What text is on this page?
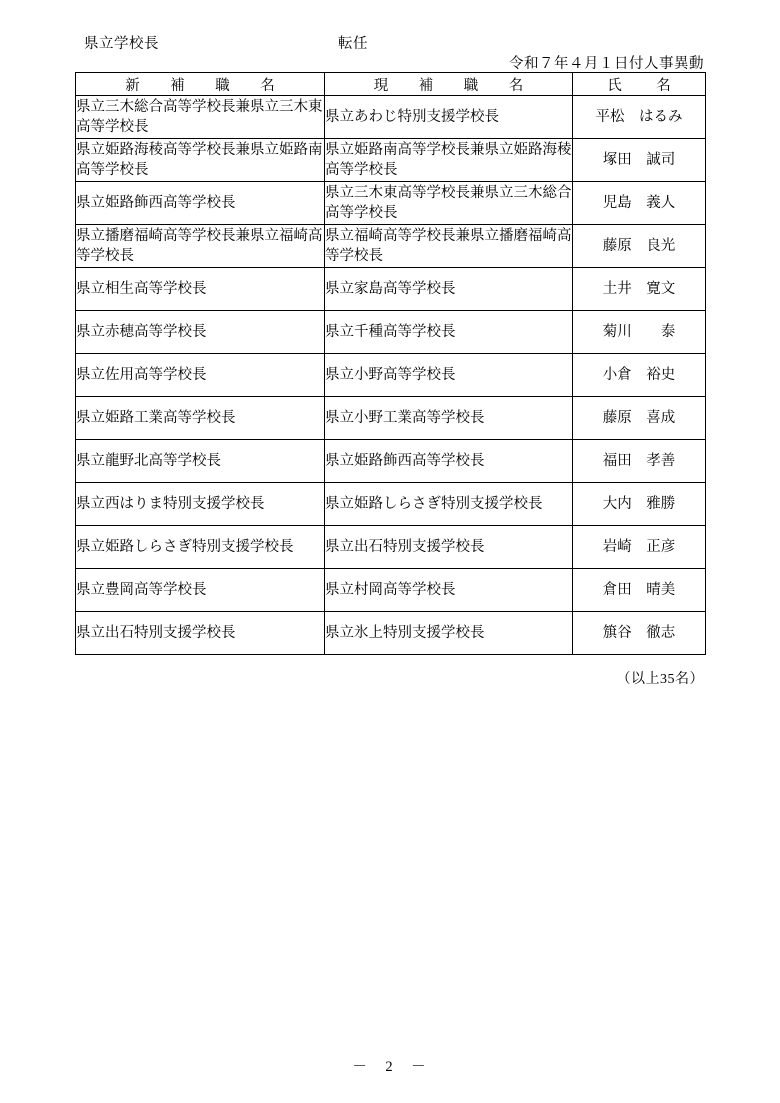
県立学校長	転任
令和７年４月１日付人事異動
新　補　職　名	現　補　職　名	氏　名
県立三木総合高等学校長兼県立三木東高等学校長	県立あわじ特別支援学校長	平松　はるみ
県立姫路海稜高等学校長兼県立姫路南高等学校長	県立姫路南高等学校長兼県立姫路海稜高等学校長	塚田　誠司
県立姫路飾西高等学校長	県立三木東高等学校長兼県立三木総合高等学校長	児島　義人
県立播磨福崎高等学校長兼県立福崎高等学校長	県立福崎高等学校長兼県立播磨福崎高等学校長	藤原　良光
県立相生高等学校長	県立家島高等学校長	土井　寛文
県立赤穂高等学校長	県立千種高等学校長	菊川　　泰
県立佐用高等学校長	県立小野高等学校長	小倉　裕史
県立姫路工業高等学校長	県立小野工業高等学校長	藤原　喜成
県立龍野北高等学校長	県立姫路飾西高等学校長	福田　孝善
県立西はりま特別支援学校長	県立姫路しらさぎ特別支援学校長	大内　雅勝
県立姫路しらさぎ特別支援学校長	県立出石特別支援学校長	岩崎　正彦
県立豊岡高等学校長	県立村岡高等学校長	倉田　晴美
県立出石特別支援学校長	県立氷上特別支援学校長	簱谷　徹志
（以上35名）
－　2　－
